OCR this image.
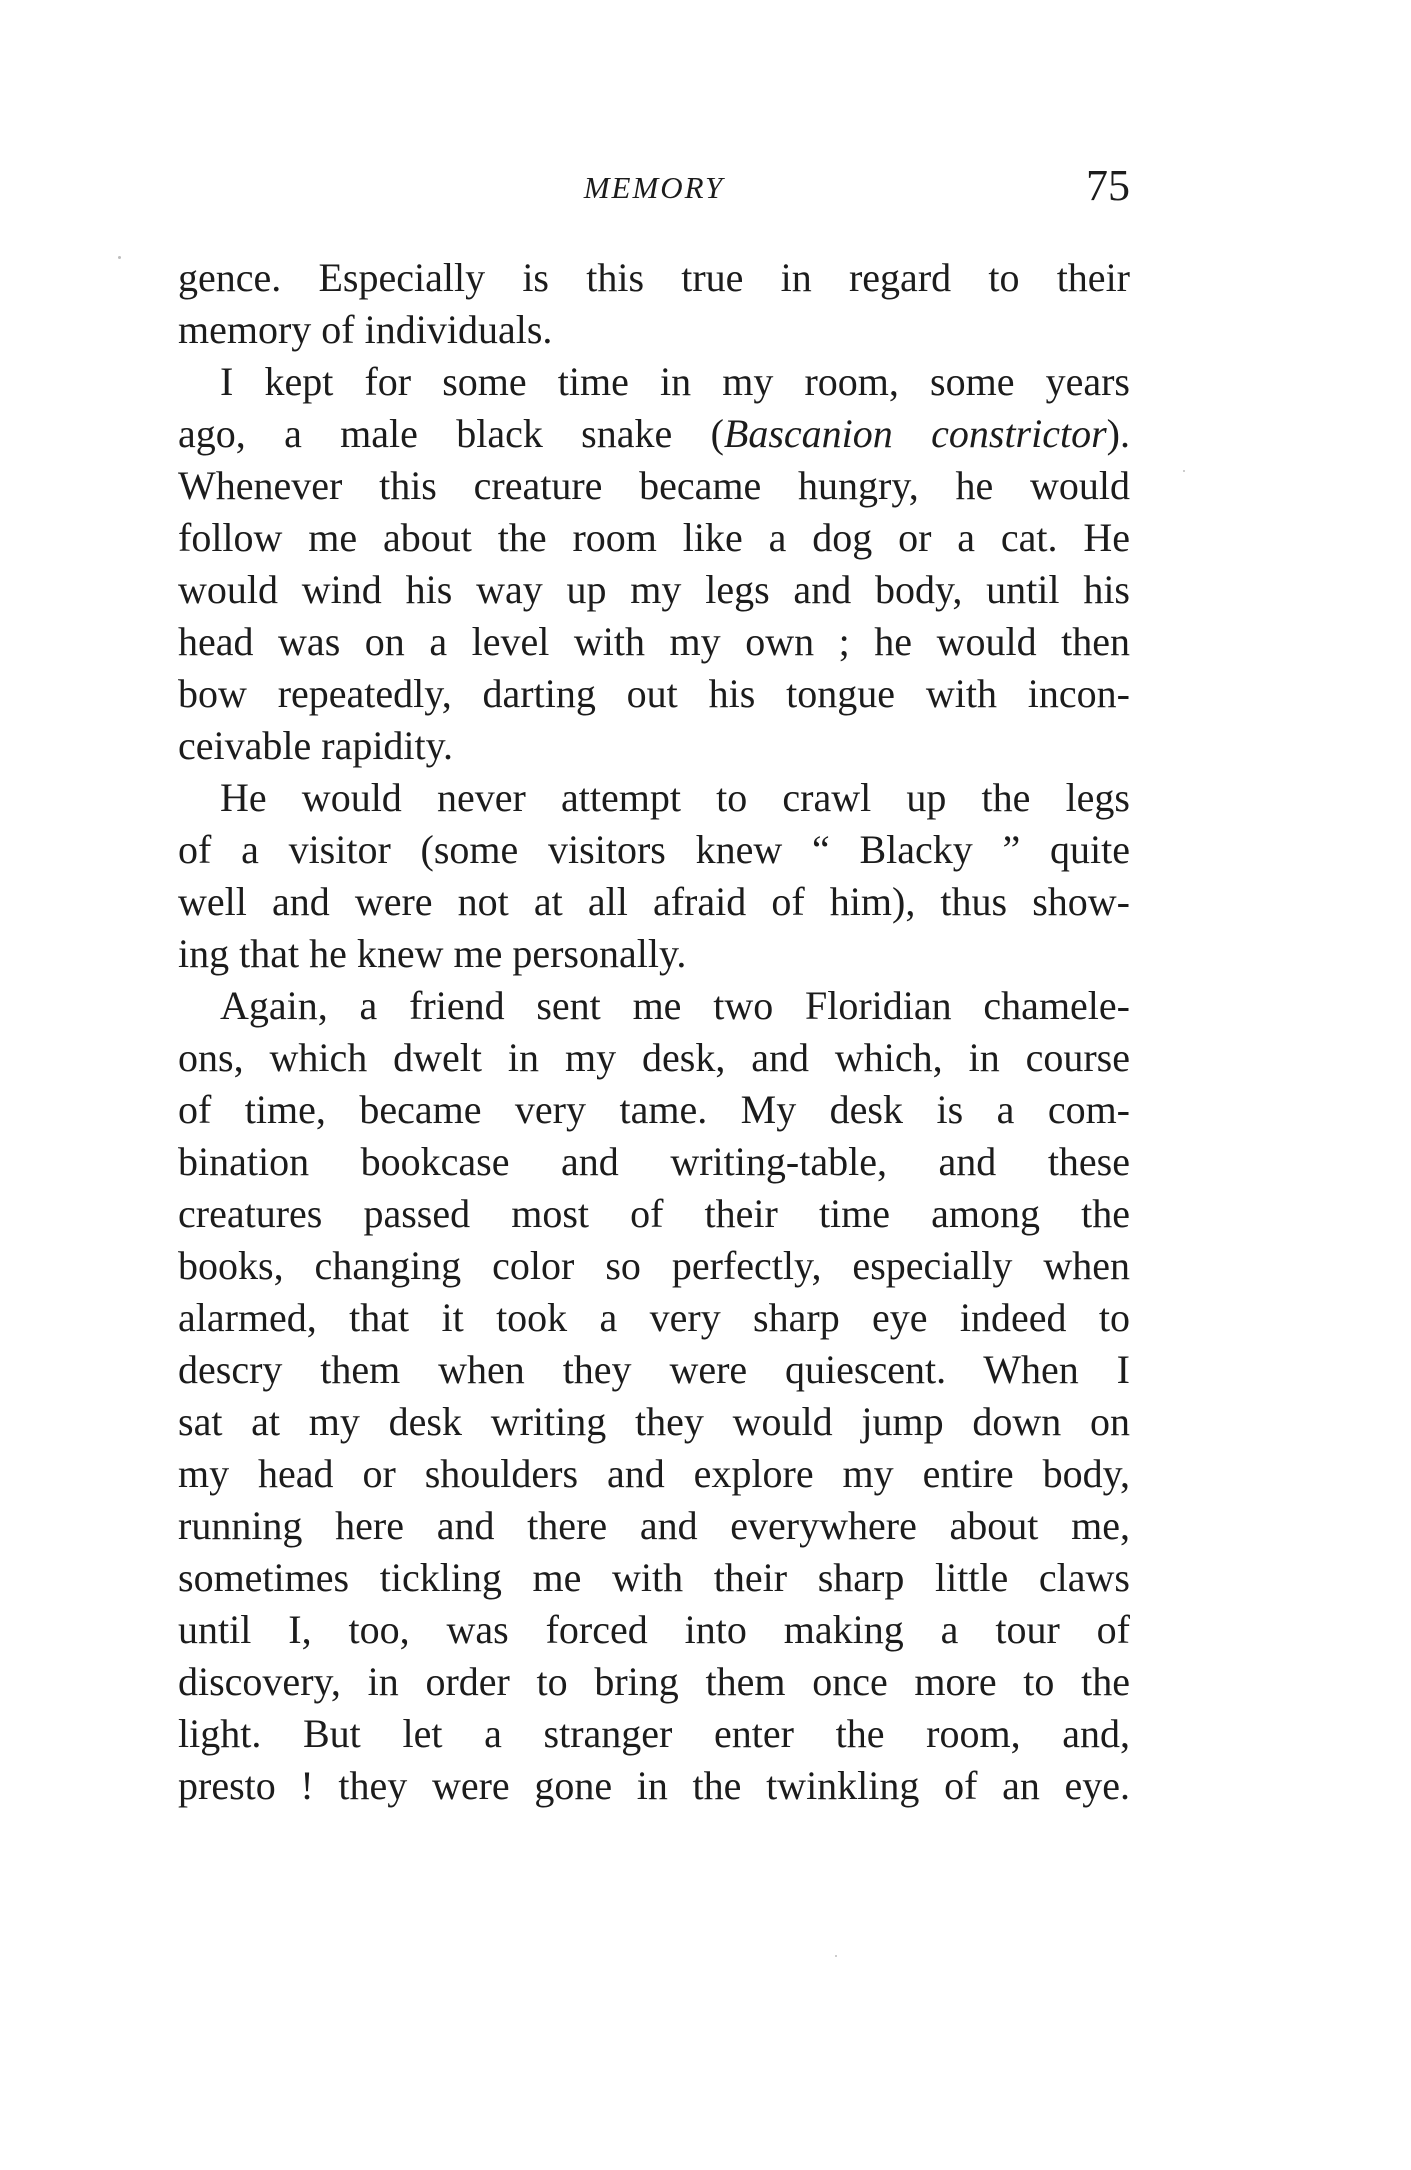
MEMORY	75
gence. Especially is this true in regard to their
memory of individuals.
I kept for some time in my room, some years
ago, a male black snake (Bascanion constrictor).
Whenever this creature became hungry, he would
follow me about the room like a dog or a cat. He
would wind his way up my legs and body, until his
head was on a level with my own ; he would then
bow repeatedly, darting out his tongue with incon-
ceivable rapidity.
He would never attempt to crawl up the legs
of a visitor (some visitors knew “ Blacky ” quite
well and were not at all afraid of him), thus show-
ing that he knew me personally.
Again, a friend sent me two Floridian chamele-
ons, which dwelt in my desk, and which, in course
of time, became very tame. My desk is a com-
bination bookcase and writing-table, and these
creatures passed most of their time among the
books, changing color so perfectly, especially when
alarmed, that it took a very sharp eye indeed to
descry them when they were quiescent. When I
sat at my desk writing they would jump down on
my head or shoulders and explore my entire body,
running here and there and everywhere about me,
sometimes tickling me with their sharp little claws
until I, too, was forced into making a tour of
discovery, in order to bring them once more to the
light. But let a stranger enter the room, and,
presto ! they were gone in the twinkling of an eye.
